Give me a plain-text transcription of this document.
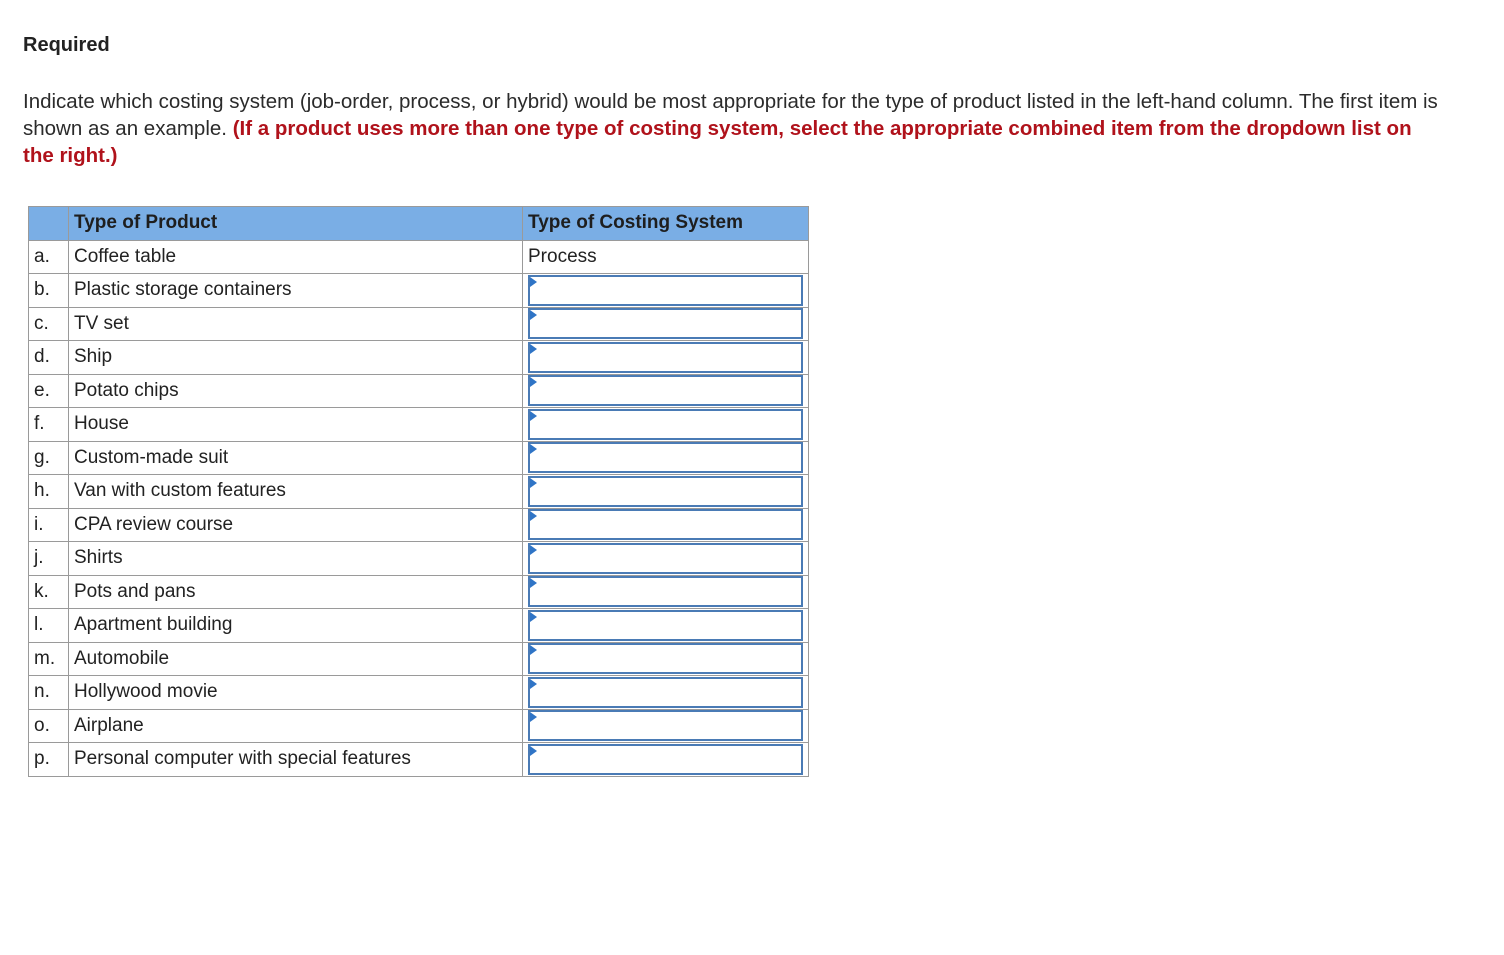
Required
Indicate which costing system (job-order, process, or hybrid) would be most appropriate for the type of product listed in the left-hand column. The first item is shown as an example. (If a product uses more than one type of costing system, select the appropriate combined item from the dropdown list on the right.)
	Type of Product	Type of Costing System
a.	Coffee table	Process
b.	Plastic storage containers	

c.	TV set	

d.	Ship	

e.	Potato chips	

f.	House	

g.	Custom-made suit	

h.	Van with custom features	

i.	CPA review course	

j.	Shirts	

k.	Pots and pans	

l.	Apartment building	

m.	Automobile	

n.	Hollywood movie	

o.	Airplane	

p.	Personal computer with special features	
